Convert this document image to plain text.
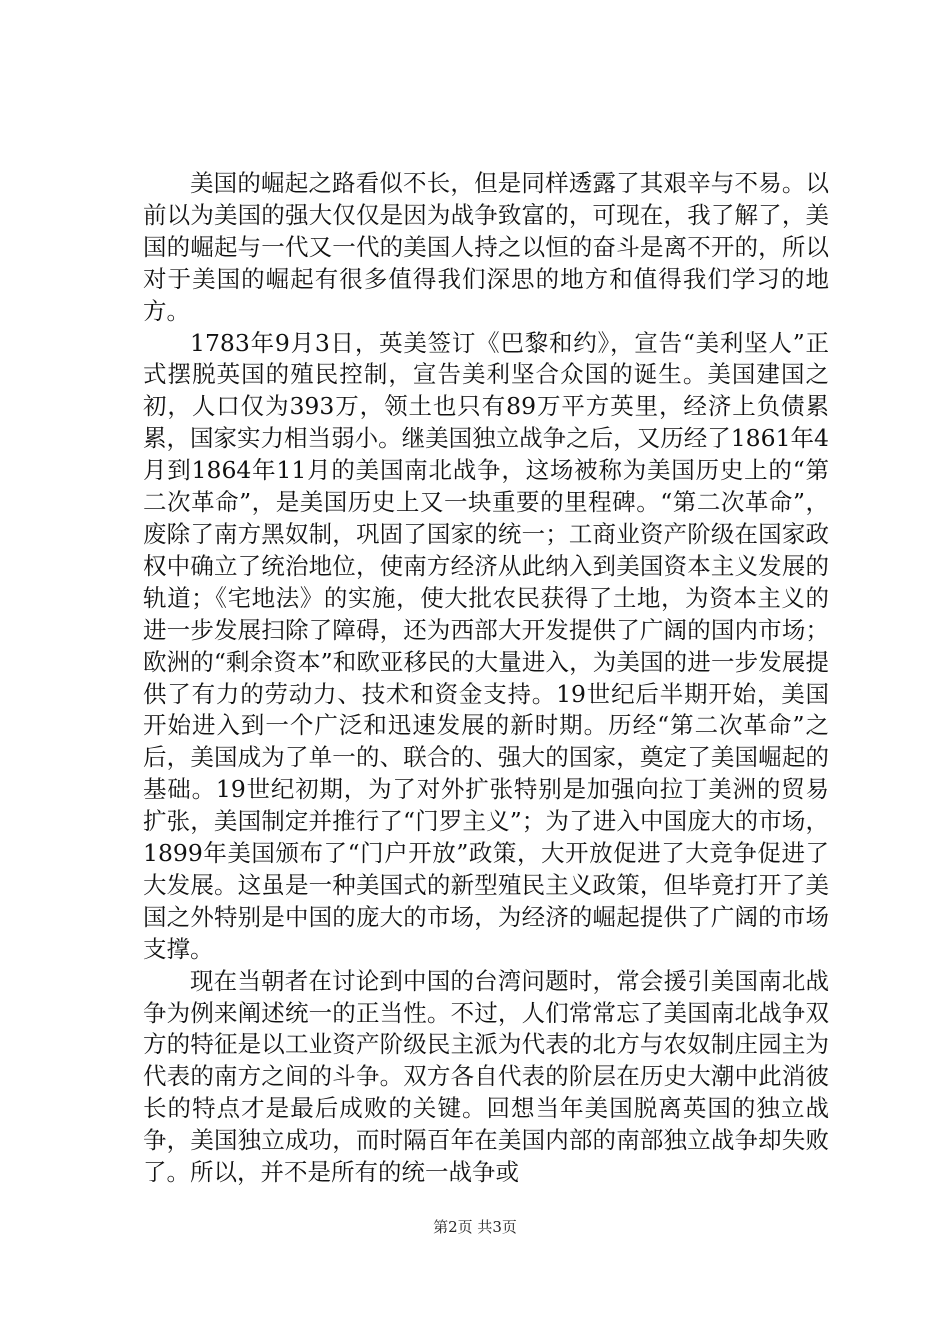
美国的崛起之路看似不长，但是同样透露了其艰辛与不易。以前以为美国的强大仅仅是因为战争致富的，可现在，我了解了，美国的崛起与一代又一代的美国人持之以恒的奋斗是离不开的，所以对于美国的崛起有很多值得我们深思的地方和值得我们学习的地方。

1783年9月3日，英美签订《巴黎和约》，宣告“美利坚人”正式摆脱英国的殖民控制，宣告美利坚合众国的诞生。美国建国之初，人口仅为393万，领土也只有89万平方英里，经济上负债累累，国家实力相当弱小。继美国独立战争之后，又历经了1861年4月到1864年11月的美国南北战争，这场被称为美国历史上的“第二次革命”，是美国历史上又一块重要的里程碑。“第二次革命”，废除了南方黑奴制，巩固了国家的统一；工商业资产阶级在国家政权中确立了统治地位，使南方经济从此纳入到美国资本主义发展的轨道；《宅地法》的实施，使大批农民获得了土地，为资本主义的进一步发展扫除了障碍，还为西部大开发提供了广阔的国内市场；欧洲的“剩余资本”和欧亚移民的大量进入，为美国的进一步发展提供了有力的劳动力、技术和资金支持。19世纪后半期开始，美国开始进入到一个广泛和迅速发展的新时期。历经“第二次革命”之后，美国成为了单一的、联合的、强大的国家，奠定了美国崛起的基础。19世纪初期，为了对外扩张特别是加强向拉丁美洲的贸易扩张，美国制定并推行了“门罗主义”；为了进入中国庞大的市场，1899年美国颁布了“门户开放”政策，大开放促进了大竞争促进了大发展。这虽是一种美国式的新型殖民主义政策，但毕竟打开了美国之外特别是中国的庞大的市场，为经济的崛起提供了广阔的市场支撑。

现在当朝者在讨论到中国的台湾问题时，常会援引美国南北战争为例来阐述统一的正当性。不过，人们常常忘了美国南北战争双方的特征是以工业资产阶级民主派为代表的北方与农奴制庄园主为代表的南方之间的斗争。双方各自代表的阶层在历史大潮中此消彼长的特点才是最后成败的关键。回想当年美国脱离英国的独立战争，美国独立成功，而时隔百年在美国内部的南部独立战争却失败了。所以，并不是所有的统一战争或

第2页 共3页
